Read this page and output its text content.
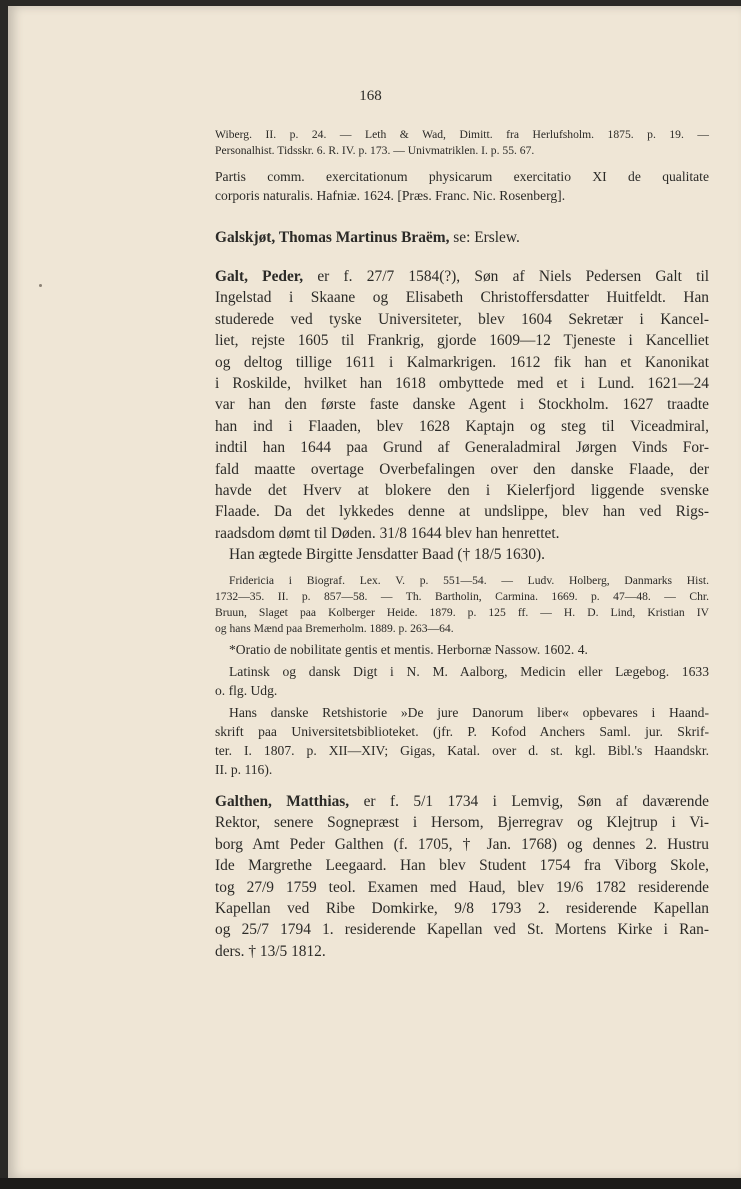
168
Wiberg. II. p. 24. — Leth & Wad, Dimitt. fra Herlufsholm. 1875. p. 19. —
Personalhist. Tidsskr. 6. R. IV. p. 173. — Univmatriklen. I. p. 55. 67.
Partis comm. exercitationum physicarum exercitatio XI de qualitate
corporis naturalis. Hafniæ. 1624. [Præs. Franc. Nic. Rosenberg].
Galskjøt, Thomas Martinus Braëm, se: Erslew.
Galt, Peder, er f. 27/7 1584(?), Søn af Niels Pedersen Galt til
Ingelstad i Skaane og Elisabeth Christoffersdatter Huitfeldt. Han
studerede ved tyske Universiteter, blev 1604 Sekretær i Kancel-
liet, rejste 1605 til Frankrig, gjorde 1609—12 Tjeneste i Kancelliet
og deltog tillige 1611 i Kalmarkrigen. 1612 fik han et Kanonikat
i Roskilde, hvilket han 1618 ombyttede med et i Lund. 1621—24
var han den første faste danske Agent i Stockholm. 1627 traadte
han ind i Flaaden, blev 1628 Kaptajn og steg til Viceadmiral,
indtil han 1644 paa Grund af Generaladmiral Jørgen Vinds For-
fald maatte overtage Overbefalingen over den danske Flaade, der
havde det Hverv at blokere den i Kielerfjord liggende svenske
Flaade. Da det lykkedes denne at undslippe, blev han ved Rigs-
raadsdom dømt til Døden. 31/8 1644 blev han henrettet.
Han ægtede Birgitte Jensdatter Baad († 18/5 1630).
Fridericia i Biograf. Lex. V. p. 551—54. — Ludv. Holberg, Danmarks Hist.
1732—35. II. p. 857—58. — Th. Bartholin, Carmina. 1669. p. 47—48. — Chr.
Bruun, Slaget paa Kolberger Heide. 1879. p. 125 ff. — H. D. Lind, Kristian IV
og hans Mænd paa Bremerholm. 1889. p. 263—64.
*Oratio de nobilitate gentis et mentis. Herbornæ Nassow. 1602. 4.
Latinsk og dansk Digt i N. M. Aalborg, Medicin eller Lægebog. 1633
o. flg. Udg.
Hans danske Retshistorie »De jure Danorum liber« opbevares i Haand-
skrift paa Universitetsbiblioteket. (jfr. P. Kofod Anchers Saml. jur. Skrif-
ter. I. 1807. p. XII—XIV; Gigas, Katal. over d. st. kgl. Bibl.'s Haandskr.
II. p. 116).
Galthen, Matthias, er f. 5/1 1734 i Lemvig, Søn af daværende
Rektor, senere Sognepræst i Hersom, Bjerregrav og Klejtrup i Vi-
borg Amt Peder Galthen (f. 1705, † Jan. 1768) og dennes 2. Hustru
Ide Margrethe Leegaard. Han blev Student 1754 fra Viborg Skole,
tog 27/9 1759 teol. Examen med Haud, blev 19/6 1782 residerende
Kapellan ved Ribe Domkirke, 9/8 1793 2. residerende Kapellan
og 25/7 1794 1. residerende Kapellan ved St. Mortens Kirke i Ran-
ders. † 13/5 1812.
